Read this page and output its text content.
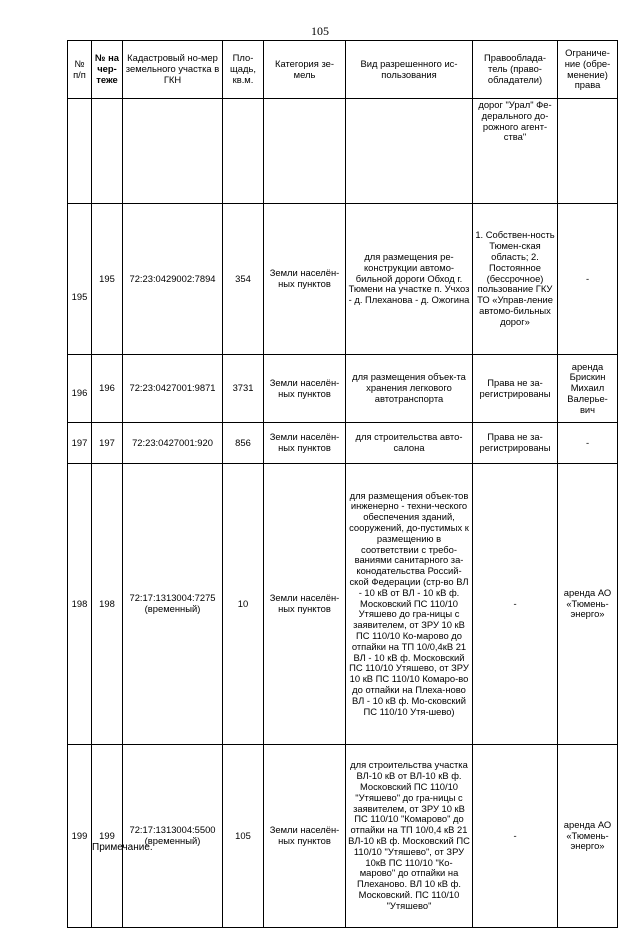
105
№ п/п	№ на чер-теже	Кадастровый но-мер земельного участка в ГКН	Пло-щадь, кв.м.	Категория зе-мель	Вид разрешенного ис-пользования	Правооблада-тель (право-обладатели)	Ограниче-ние (обре-менение) права
						дорог "Урал" Фе-дерального до-рожного агент-ства"	
195	195	72:23:0429002:7894	354	Земли населён-ных пунктов	для размещения ре-конструкции автомо-бильной дороги Обход г. Тюмени на участке п. Учхоз - д. Плеханова - д. Ожогина	1. Собствен-ность Тюмен-ская область; 2. Постоянное (бессрочное) пользование ГКУ ТО «Управ-ление автомо-бильных дорог»	-
196	196	72:23:0427001:9871	3731	Земли населён-ных пунктов	для размещения объек-та хранения легкового автотранспорта	Права не за-регистрированы	аренда Брискин Михаил Валерье-вич
197	197	72:23:0427001:920	856	Земли населён-ных пунктов	для строительства авто-салона	Права не за-регистрированы	-
198	198	72:17:1313004:7275 (временный)	10	Земли населён-ных пунктов	для размещения объек-тов инженерно - техни-ческого обеспечения зданий, сооружений, до-пустимых к размещению в соответствии с требо-ваниями санитарного за-конодательства Россий-ской Федерации (стр-во ВЛ - 10 кВ от ВЛ - 10 кВ ф. Московский ПС 110/10 Утяшево до гра-ницы с заявителем, от ЗРУ 10 кВ ПС 110/10 Ко-марово до отпайки на ТП 10/0,4кВ 21 ВЛ - 10 кВ ф. Московский ПС 110/10 Утяшево, от ЗРУ 10 кВ ПС 110/10 Комаро-во до отпайки на Плеха-ново ВЛ - 10 кВ ф. Мо-сковский ПС 110/10 Утя-шево)	-	аренда АО «Тюмень-энерго»
199	199	72:17:1313004:5500 (временный)	105	Земли населён-ных пунктов	для строительства участка ВЛ-10 кВ от ВЛ-10 кВ ф. Московский ПС 110/10 "Утяшево" до гра-ницы с заявителем, от ЗРУ 10 кВ ПС 110/10 "Комарово" до отпайки на ТП 10/0,4 кВ 21 ВЛ-10 кВ ф. Московский ПС 110/10 "Утяшево", от ЗРУ 10кВ ПС 110/10 "Ко-марово" до отпайки на Плеханово. ВЛ 10 кВ ф. Московский. ПС 110/10 "Утяшево"	-	аренда АО «Тюмень-энерго»
Примечание.
